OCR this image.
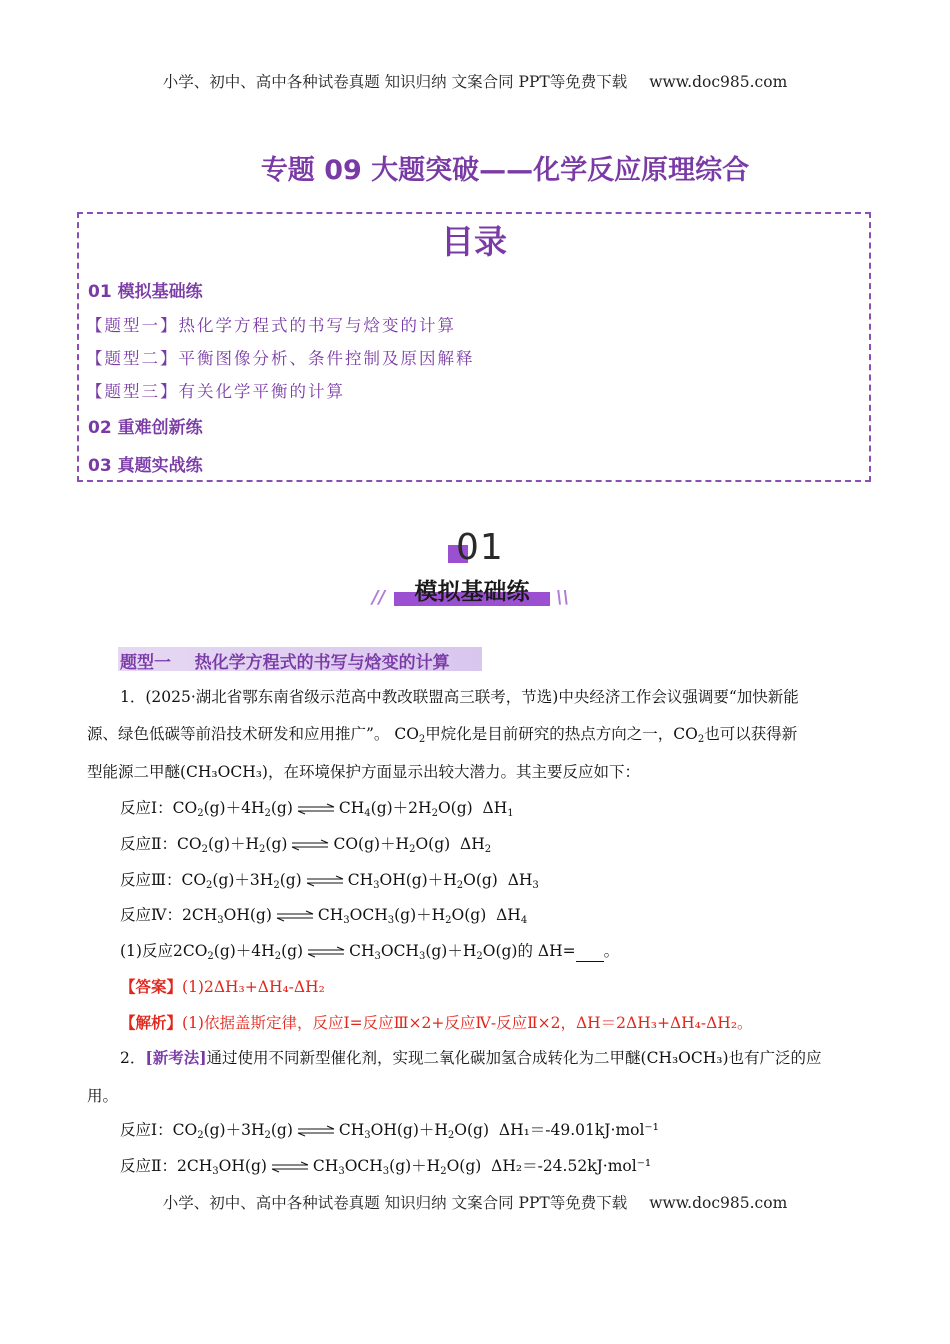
小学、初中、高中各种试卷真题 知识归纳 文案合同 PPT等免费下载 www.doc985.com
专题 09 大题突破——化学反应原理综合
目录
01 模拟基础练
【题型一】热化学方程式的书写与焓变的计算
【题型二】平衡图像分析、条件控制及原因解释
【题型三】有关化学平衡的计算
02 重难创新练
03 真题实战练
01
模拟基础练
//	\\
题型一    热化学方程式的书写与焓变的计算
1．(2025·湖北省鄂东南省级示范高中教改联盟高三联考，节选)中央经济工作会议强调要“加快新能
源、绿色低碳等前沿技术研发和应用推广”。 $CO_2$甲烷化是目前研究的热点方向之一，$CO_2$也可以获得新
型能源二甲醚(CH₃OCH₃)，在环境保护方面显示出较大潜力。其主要反应如下：
反应Ⅰ：$CO_2(g)+4H_2(g)$ ⇌ $CH_4(g)+2H_2O(g)$  $\Delta H_1$
反应Ⅱ：$CO_2(g)+H_2(g)$ ⇌ $CO(g)+H_2O(g)$  $\Delta H_2$
反应Ⅲ：$CO_2(g)+3H_2(g)$ ⇌ $CH_3OH(g)+H_2O(g)$  $\Delta H_3$
反应Ⅳ：$2CH_3OH(g)$ ⇌ $CH_3OCH_3(g)+H_2O(g)$  $\Delta H_4$
(1)反应$2CO_2(g)+4H_2(g)$ ⇌ $CH_3OCH_3(g)+H_2O(g)$的 ΔH= 。
【答案】(1)2ΔH₃+ΔH₄-ΔH₂
【解析】(1)依据盖斯定律，反应Ⅰ=反应Ⅲ×2+反应Ⅳ-反应Ⅱ×2，ΔH＝2ΔH₃+ΔH₄-ΔH₂。
2．[新考法]通过使用不同新型催化剂，实现二氧化碳加氢合成转化为二甲醚(CH₃OCH₃)也有广泛的应
用。
反应Ⅰ：$CO_2(g)+3H_2(g)$ ⇌ $CH_3OH(g)+H_2O(g)$  ΔH₁＝-49.01kJ·mol⁻¹
反应Ⅱ：$2CH_3OH(g)$ ⇌ $CH_3OCH_3(g)+H_2O(g)$  ΔH₂＝-24.52kJ·mol⁻¹
小学、初中、高中各种试卷真题 知识归纳 文案合同 PPT等免费下载 www.doc985.com
